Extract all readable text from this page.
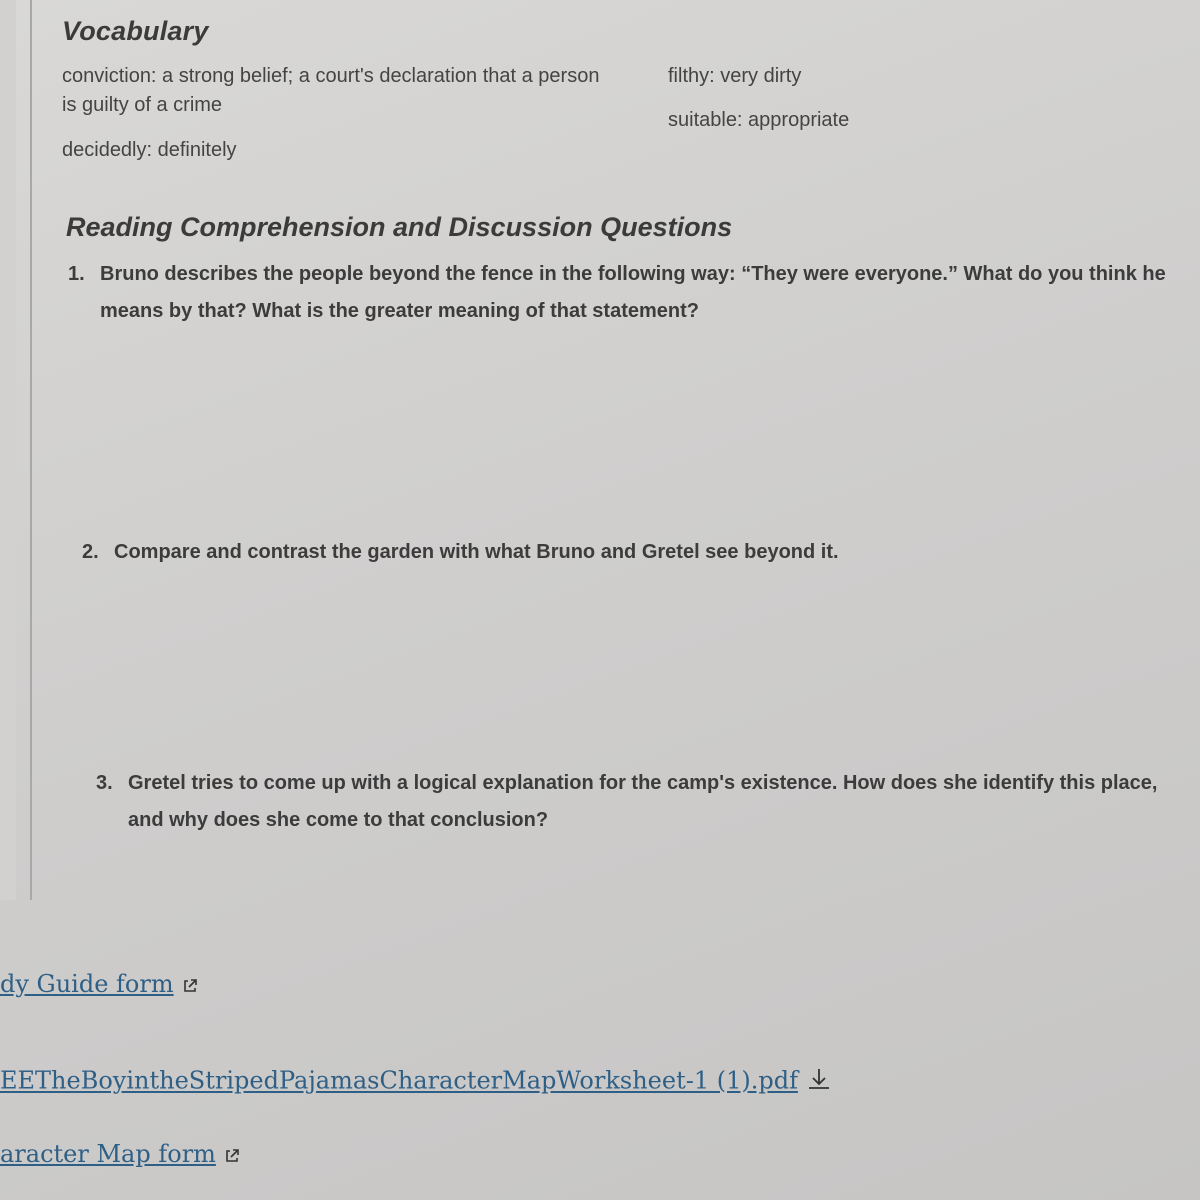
Vocabulary

conviction: a strong belief; a court's declaration that a person is guilty of a crime

decidedly: definitely

filthy: very dirty

suitable: appropriate

Reading Comprehension and Discussion Questions
1. Bruno describes the people beyond the fence in the following way: “They were everyone.” What do you think he means by that? What is the greater meaning of that statement?
2. Compare and contrast the garden with what Bruno and Gretel see beyond it.
3. Gretel tries to come up with a logical explanation for the camp's existence. How does she identify this place, and why does she come to that conclusion?
dy Guide form
EETheBoyintheStripedPajamasCharacterMapWorksheet-1 (1).pdf
aracter Map form
